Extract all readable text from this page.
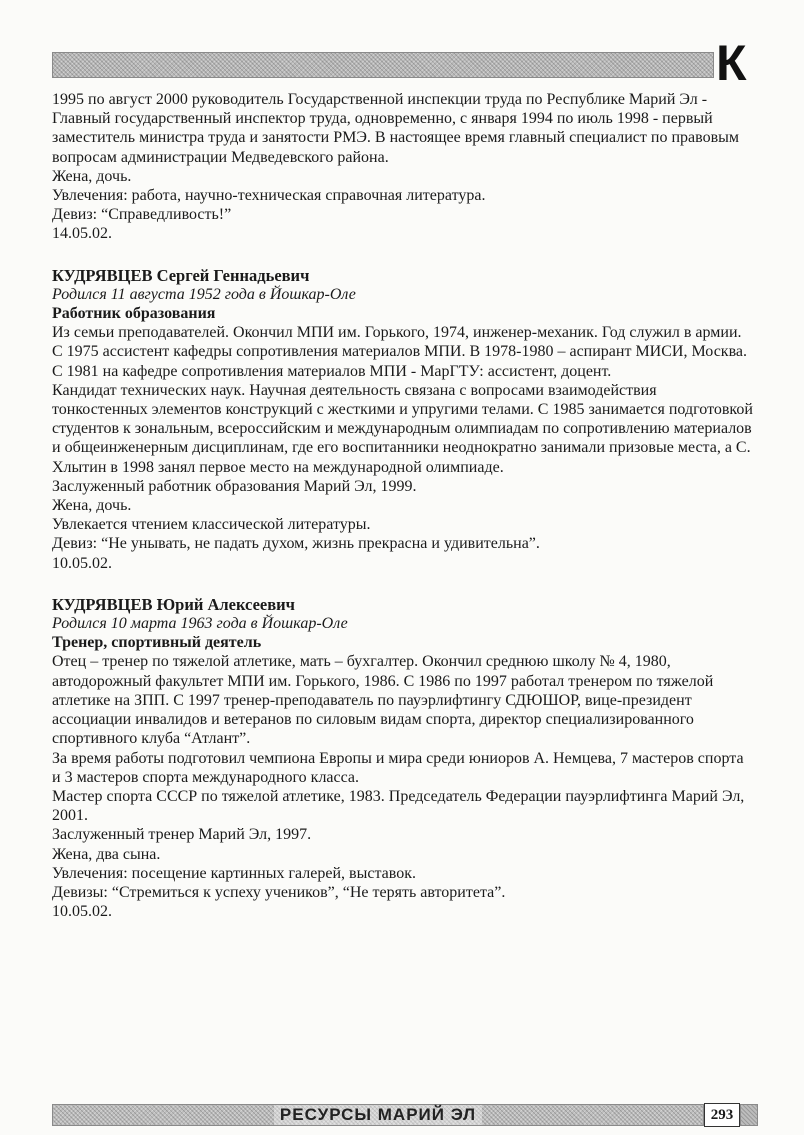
К

1995 по август 2000 руководитель Государственной инспекции труда по Республике Марий Эл - Главный государственный инспектор труда, одновременно, с января 1994 по июль 1998 - первый заместитель министра труда и занятости РМЭ. В настоящее время главный специалист по правовым вопросам администрации Медведевского района.

Жена, дочь.

Увлечения: работа, научно-техническая справочная литература.

Девиз: “Справедливость!”

14.05.02.

КУДРЯВЦЕВ Сергей Геннадьевич

Родился 11 августа 1952 года в Йошкар-Оле

Работник образования

Из семьи преподавателей. Окончил МПИ им. Горького, 1974, инженер-механик. Год служил в армии. С 1975 ассистент кафедры сопротивления материалов МПИ. В 1978-1980 – аспирант МИСИ, Москва. С 1981 на кафедре сопротивления материалов МПИ - МарГТУ: ассистент, доцент.

Кандидат технических наук. Научная деятельность связана с вопросами взаимодействия тонкостенных элементов конструкций с жесткими и упругими телами. С 1985 занимается подготовкой студентов к зональным, всероссийским и международным олимпиадам по сопротивлению материалов и общеинженерным дисциплинам, где его воспитанники неоднократно занимали призовые места, а С. Хлытин в 1998 занял первое место на международной олимпиаде.

Заслуженный работник образования Марий Эл, 1999.

Жена, дочь.

Увлекается чтением классической литературы.

Девиз: “Не унывать, не падать духом, жизнь прекрасна и удивительна”.

10.05.02.

КУДРЯВЦЕВ Юрий Алексеевич

Родился 10 марта 1963 года в Йошкар-Оле

Тренер, спортивный деятель

Отец – тренер по тяжелой атлетике, мать – бухгалтер. Окончил среднюю школу № 4, 1980, автодорожный факультет МПИ им. Горького, 1986. С 1986 по 1997 работал тренером по тяжелой атлетике на ЗПП. С 1997 тренер-преподаватель по пауэрлифтингу СДЮШОР, вице-президент ассоциации инвалидов и ветеранов по силовым видам спорта, директор специализированного спортивного клуба “Атлант”.

За время работы подготовил чемпиона Европы и мира среди юниоров А. Немцева, 7 мастеров спорта и 3 мастеров спорта международного класса.

Мастер спорта СССР по тяжелой атлетике, 1983. Председатель Федерации пауэрлифтинга Марий Эл, 2001.

Заслуженный тренер Марий Эл, 1997.

Жена, два сына.

Увлечения: посещение картинных галерей, выставок.

Девизы: “Стремиться к успеху учеников”, “Не терять авторитета”.

10.05.02.

РЕСУРСЫ МАРИЙ ЭЛ	293
